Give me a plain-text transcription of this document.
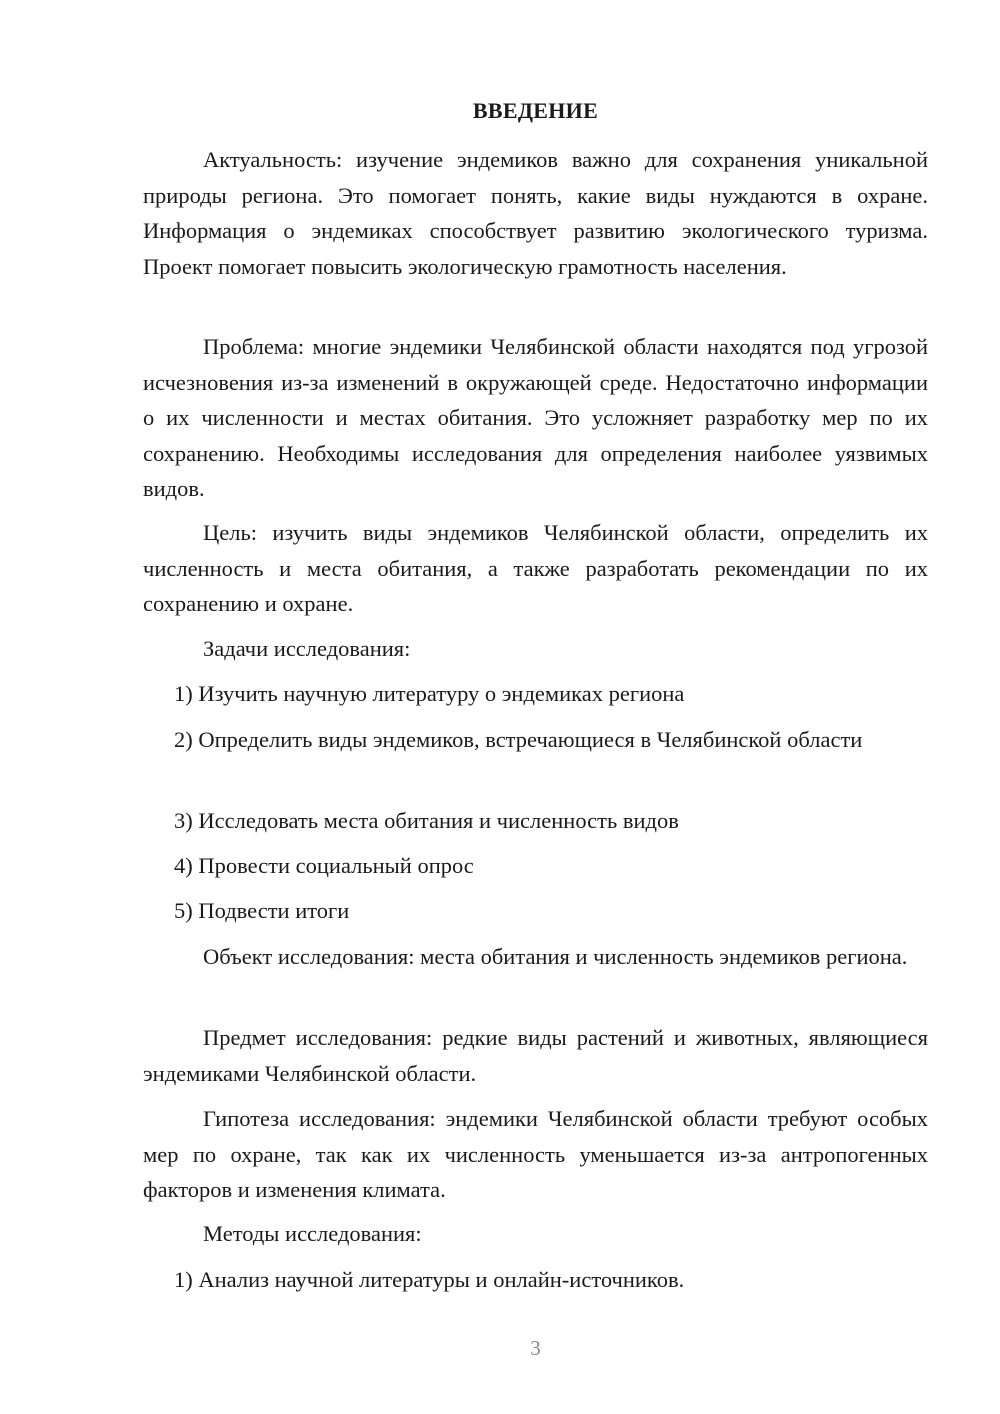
ВВЕДЕНИЕ

Актуальность: изучение эндемиков важно для сохранения уникальной природы региона. Это помогает понять, какие виды нуждаются в охране. Информация о эндемиках способствует развитию экологического туризма. Проект помогает повысить экологическую грамотность населения.

Проблема: многие эндемики Челябинской области находятся под угрозой исчезновения из-за изменений в окружающей среде. Недостаточно информации о их численности и местах обитания. Это усложняет разработку мер по их сохранению. Необходимы исследования для определения наиболее уязвимых видов.

Цель: изучить виды эндемиков Челябинской области, определить их численность и места обитания, а также разработать рекомендации по их сохранению и охране.

Задачи исследования:

1) Изучить научную литературу о эндемиках региона

2) Определить виды эндемиков, встречающиеся в Челябинской области

3) Исследовать места обитания и численность видов

4) Провести социальный опрос

5) Подвести итоги

Объект исследования: места обитания и численность эндемиков региона.

Предмет исследования: редкие виды растений и животных, являющиеся эндемиками Челябинской области.

Гипотеза исследования: эндемики Челябинской области требуют особых мер по охране, так как их численность уменьшается из-за антропогенных факторов и изменения климата.

Методы исследования:

1) Анализ научной литературы и онлайн-источников.

3
